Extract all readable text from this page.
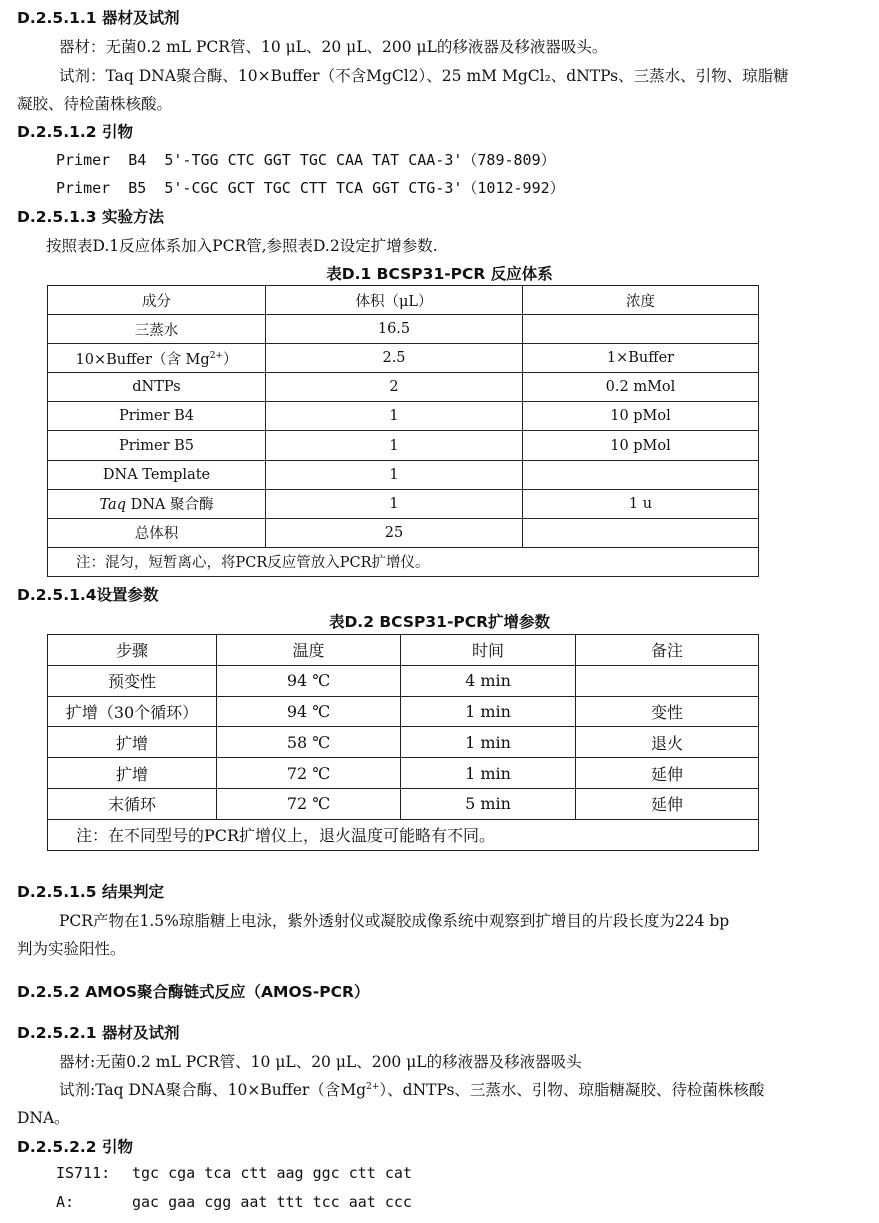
D.2.5.1.1 器材及试剂
器材：无菌0.2 mL PCR管、10 μL、20 μL、200 μL的移液器及移液器吸头。
试剂：Taq DNA聚合酶、10×Buffer（不含MgCl2）、25 mM MgCl₂、dNTPs、三蒸水、引物、琼脂糖
凝胶、待检菌株核酸。
D.2.5.1.2 引物
Primer  B4  5'-TGG CTC GGT TGC CAA TAT CAA-3'（789-809）
Primer  B5  5'-CGC GCT TGC CTT TCA GGT CTG-3'（1012-992）
D.2.5.1.3 实验方法
按照表D.1反应体系加入PCR管,参照表D.2设定扩增参数.
表D.1 BCSP31-PCR 反应体系
成分	体积（μL）	浓度
三蒸水	16.5	
10×Buffer（含 $Mg^{2+}$）	2.5	1×Buffer
dNTPs	2	0.2 mMol
Primer B4	1	10 pMol
Primer B5	1	10 pMol
DNA Template	1	
Taq DNA 聚合酶	1	1 u
总体积	25	
注：混匀，短暂离心，将PCR反应管放入PCR扩增仪。		
D.2.5.1.4设置参数
表D.2 BCSP31-PCR扩增参数
步骤	温度	时间	备注
预变性	94 ℃	4 min	
扩增（30个循环）	94 ℃	1 min	变性
扩增	58 ℃	1 min	退火
扩增	72 ℃	1 min	延伸
末循环	72 ℃	5 min	延伸
注：在不同型号的PCR扩增仪上，退火温度可能略有不同。			
D.2.5.1.5 结果判定
PCR产物在1.5%琼脂糖上电泳，紫外透射仪或凝胶成像系统中观察到扩增目的片段长度为224 bp
判为实验阳性。
D.2.5.2 AMOS聚合酶链式反应（AMOS-PCR）
D.2.5.2.1 器材及试剂
器材:无菌0.2 mL PCR管、10 μL、20 μL、200 μL的移液器及移液器吸头
试剂:Taq DNA聚合酶、10×Buffer（含$Mg^{2+}$）、dNTPs、三蒸水、引物、琼脂糖凝胶、待检菌株核酸
DNA。
D.2.5.2.2 引物
IS711: tgc cga tca ctt aag ggc ctt cat
A:	gac gaa cgg aat ttt tcc aat ccc
